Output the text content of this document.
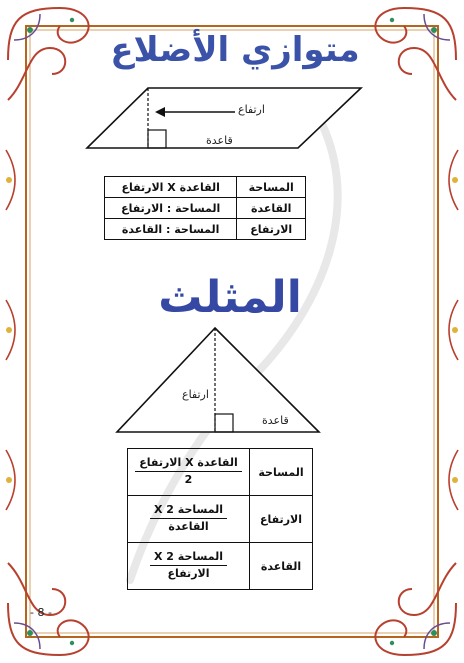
متوازي الأضلاع
ارتفاع
قاعدة
المساحة	القاعدة X الارتفاع
القاعدة	المساحة : الارتفاع
الارتفاع	المساحة : القاعدة
المثلث
ارتفاع
قاعدة
المساحة	$\frac{\text{القاعدة X الارتفاع}}{2}$

الارتفاع	$\frac{\text{المساحة X 2}}{\text{القاعدة}}$

القاعدة	$\frac{\text{المساحة X 2}}{\text{الارتفاع}}$
- 8 -
